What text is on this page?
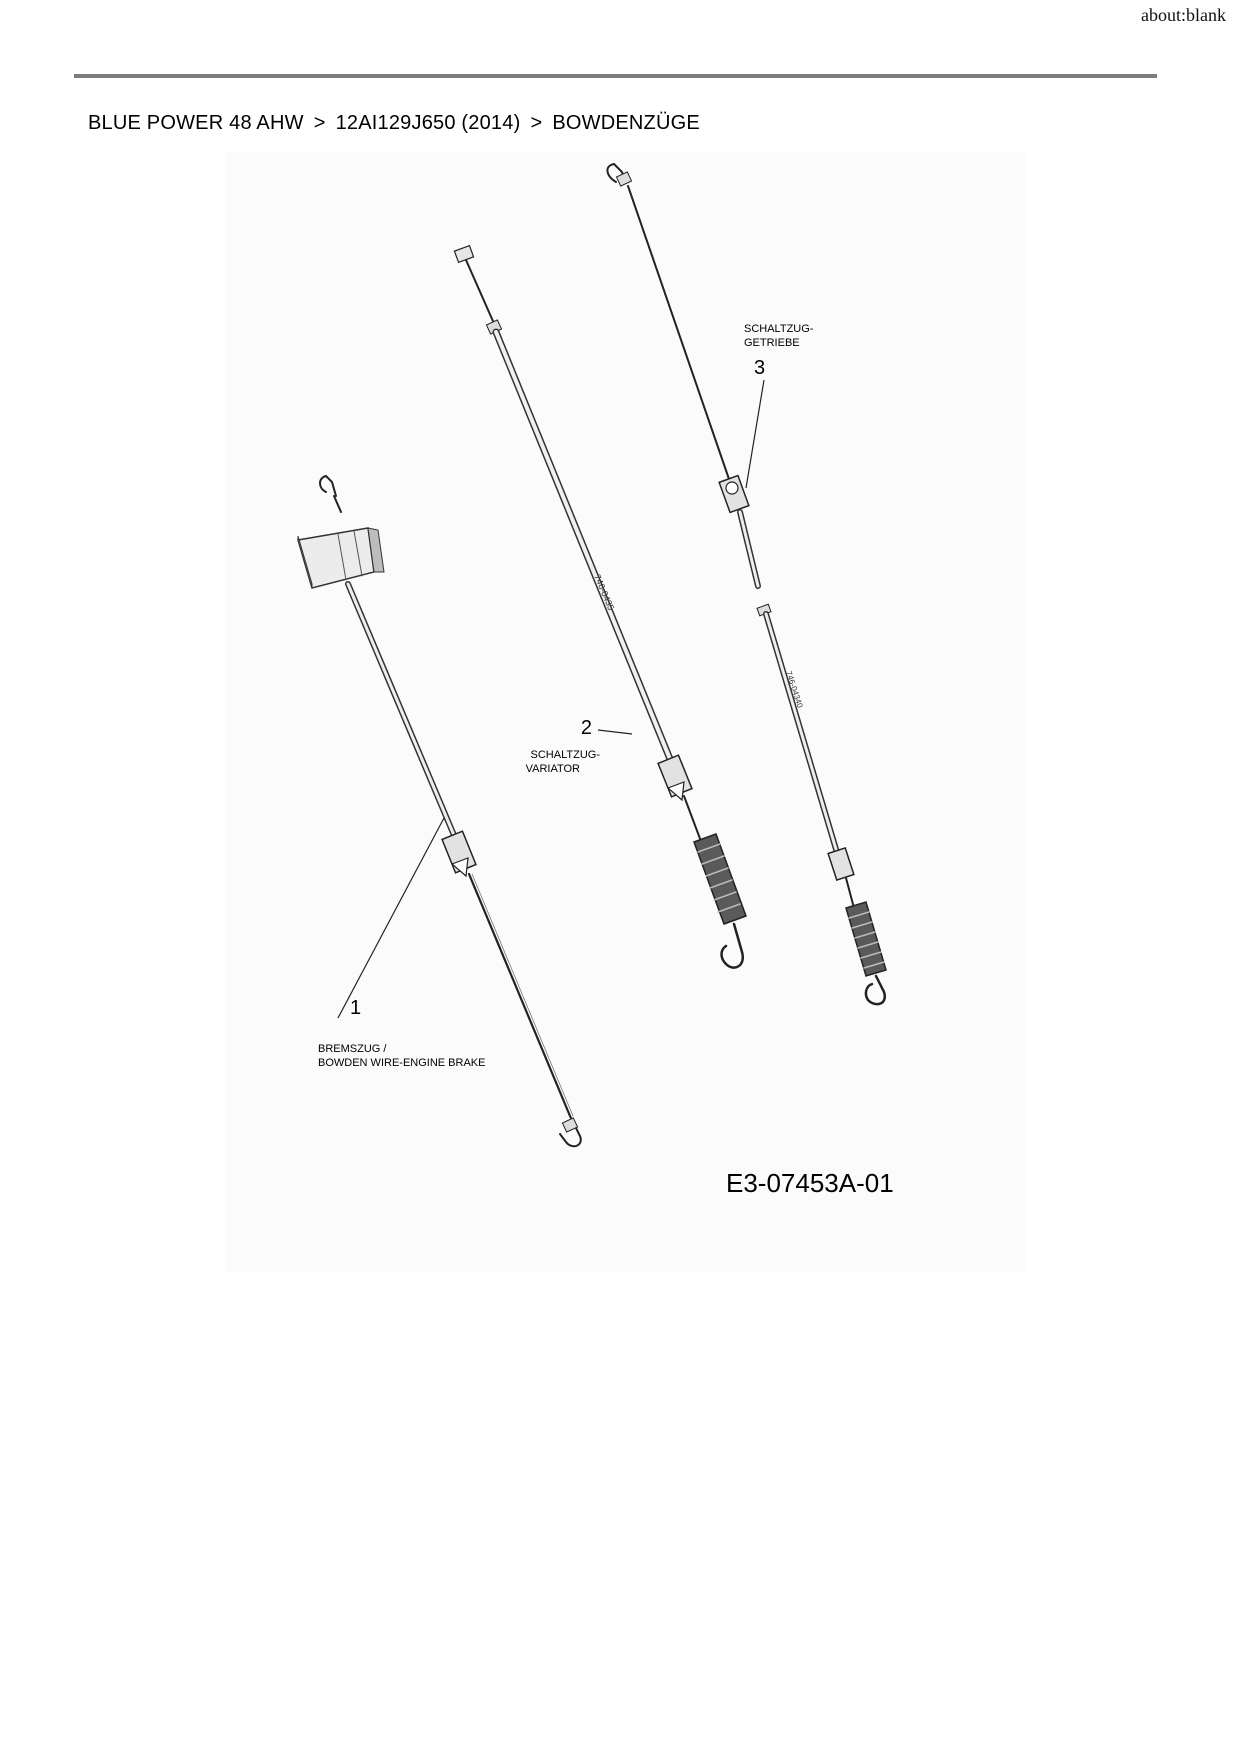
about:blank
BLUE POWER 48 AHW > 12AI129J650 (2014) > BOWDENZÜGE
746-0435
746-04340
1
BREMSZUG /
BOWDEN WIRE-ENGINE BRAKE
2
SCHALTZUG-
VARIATOR
3
SCHALTZUG-
GETRIEBE
E3-07453A-01
